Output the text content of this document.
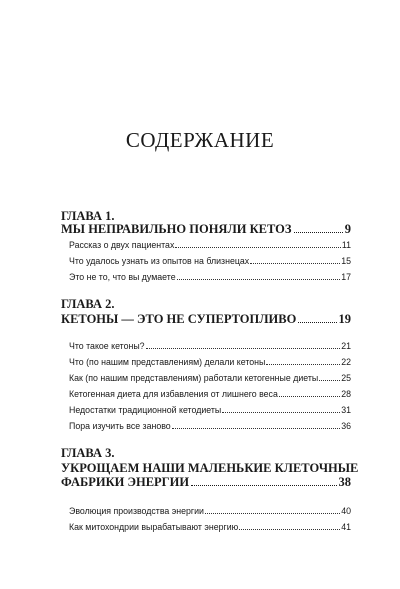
СОДЕРЖАНИЕ
ГЛАВА 1.
МЫ НЕПРАВИЛЬНО ПОНЯЛИ КЕТОЗ	9
Рассказ о двух пациентах	11
Что удалось узнать из опытов на близнецах	15
Это не то, что вы думаете	17
ГЛАВА 2.
КЕТОНЫ — ЭТО НЕ СУПЕРТОПЛИВО	19
Что такое кетоны?	21
Что (по нашим представлениям) делали кетоны	22
Как (по нашим представлениям) работали кетогенные диеты	25
Кетогенная диета для избавления от лишнего веса	28
Недостатки традиционной кетодиеты	31
Пора изучить все заново	36
ГЛАВА 3.
УКРОЩАЕМ НАШИ МАЛЕНЬКИЕ КЛЕТОЧНЫЕ
ФАБРИКИ ЭНЕРГИИ	38
Эволюция производства энергии	40
Как митохондрии вырабатывают энергию	41
